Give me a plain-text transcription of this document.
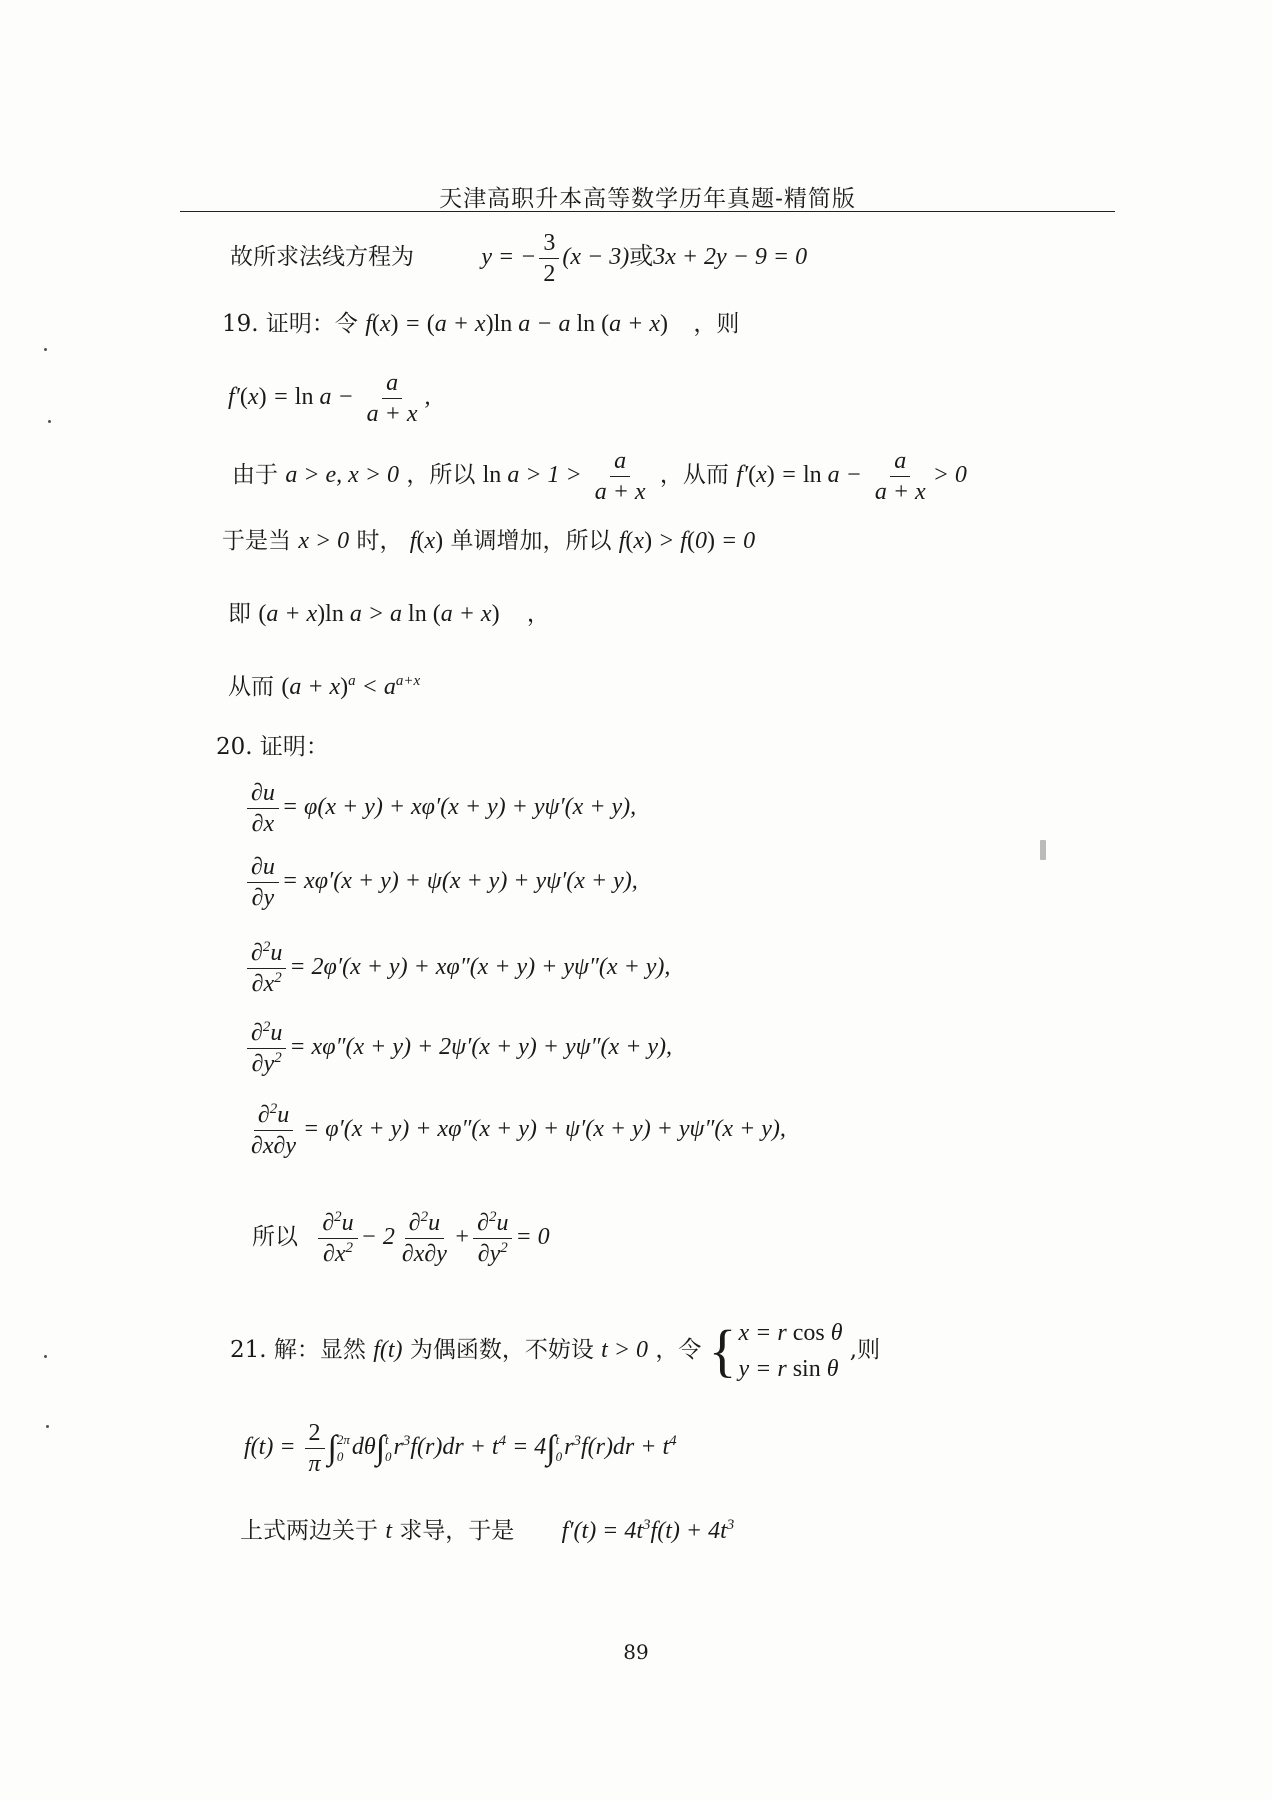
天津高职升本高等数学历年真题-精简版
故所求法线方程为	y = − $\frac{3}{2} (x - 3)$或3x + 2y − 9 = 0
19. 证明：令 f(x) = (a + x)ln a − a ln (a + x) ，则
$f'(x) = \ln a - \frac{a}{a + x}$ ,
由于 a > e, x > 0 ，所以 $\ln a > 1 > \frac{a}{a + x}$ ，从而 $f'(x) = \ln a - \frac{a}{a + x} > 0$
于是当 x > 0 时， f(x) 单调增加，所以 f(x) > f(0) = 0
即 (a + x)ln a > a ln (a + x) ，
从而 $(a + x)^a < a^{a+x}$
20. 证明：
$\frac{\partial u}{\partial x} = \varphi(x + y) + x\varphi'(x + y) + y\psi'(x + y)$,
$\frac{\partial u}{\partial y} = x\varphi'(x + y) + \psi(x + y) + y\psi'(x + y)$,
$\frac{\partial^2u}{\partial x^2} = 2\varphi'(x + y) + x\varphi''(x + y) + y\psi''(x + y)$,
$\frac{\partial^2u}{\partial y^2} = x\varphi''(x + y) + 2\psi'(x + y) + y\psi''(x + y)$,
$\frac{\partial^2u}{\partial x\partial y} = \varphi'(x + y) + x\varphi''(x + y) + \psi'(x + y) + y\psi''(x + y)$,
所以 $\frac{\partial^2u}{\partial x^2} - 2 \frac{\partial^2u}{\partial x\partial y} + \frac{\partial^2u}{\partial y^2} = 0$
21. 解：显然 f(t) 为偶函数，不妨设 t > 0 ，令 { x = r cos θ
y = r sin θ
,则
$f(t) = \frac{2}{\pi}$ ∫ 2π
0 dθ∫ t
0 $r^3f(r)dr + t^4 = 4\int$ t
0 $r^3f(r)dr + t^4$
上式两边关于 t 求导，于是 $f'(t) = 4t^3f(t) + 4t^3$
89
